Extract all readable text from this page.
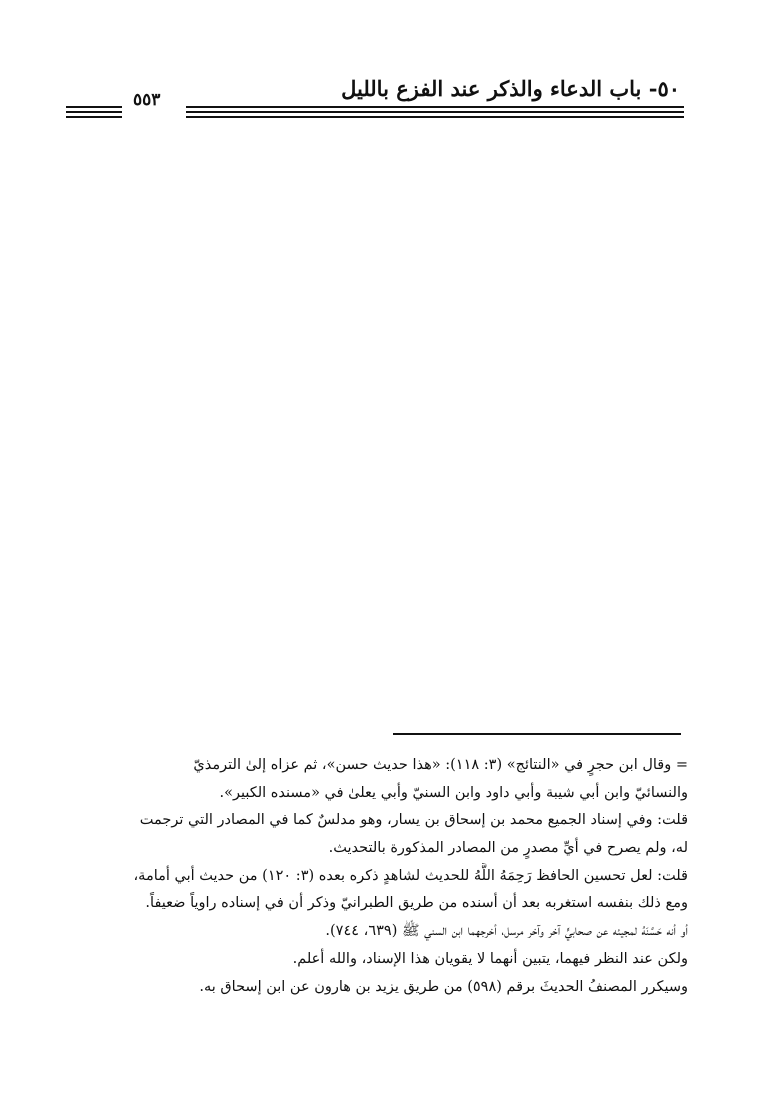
٥٠- باب الدعاء والذكر عند الفزع بالليل
٥٥٣
= وقال ابن حجرٍ في «النتائج» (٣: ١١٨): «هذا حديث حسن»، ثم عزاه إلىٰ الترمذيّ
والنسائيّ وابن أبي شيبة وأبي داود وابن السنيّ وأبي يعلىٰ في «مسنده الكبير».
قلت: وفي إسناد الجميع محمد بن إسحاق بن يسار، وهو مدلسٌ كما في المصادر التي ترجمت
له، ولم يصرح في أيِّ مصدرٍ من المصادر المذكورة بالتحديث.
قلت: لعل تحسين الحافظ رَحِمَهُ اللَّهُ للحديث لشاهدٍ ذكره بعده (٣: ١٢٠) من حديث أبي أمامة،
ومع ذلك بنفسه استغربه بعد أن أسنده من طريق الطبرانيّ وذكر أن في إسناده راوياً ضعيفاً.
أو أنه حَسَّنَهُ لمجيئه عن صحابيٍّ آخر وآخر مرسل، أخرجهما ابن السني ﷺ (٦٣٩، ٧٤٤).
ولكن عند النظر فيهما، يتبين أنهما لا يقويان هذا الإسناد، والله أعلم.
وسيكرر المصنفُ الحديثَ برقم (٥٩٨) من طريق يزيد بن هارون عن ابن إسحاق به.
